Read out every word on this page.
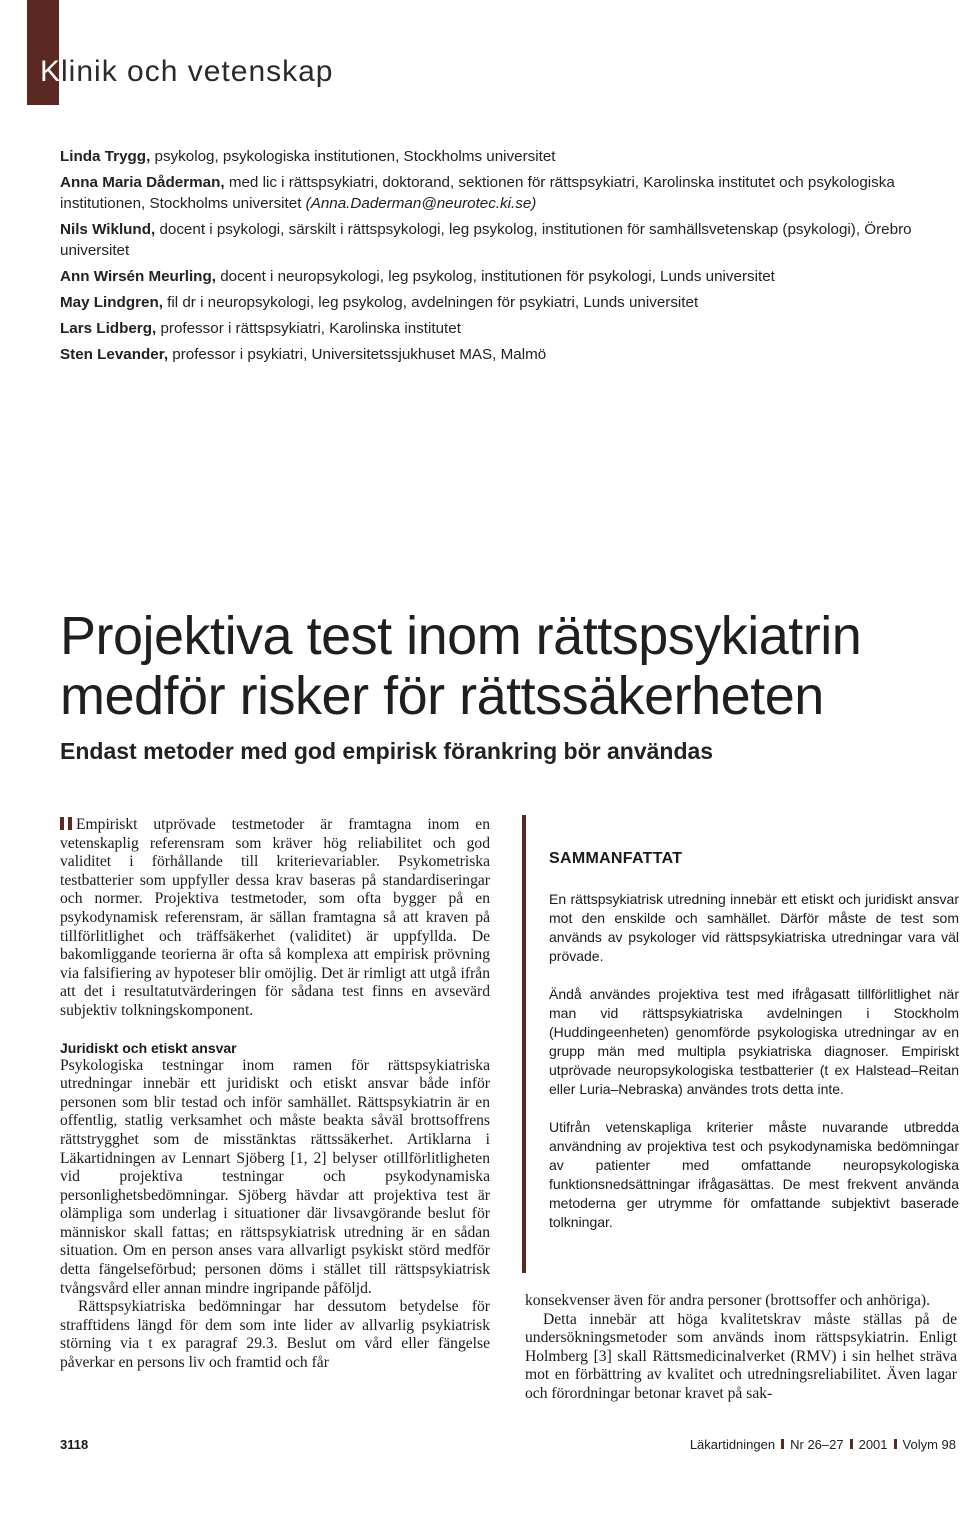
Klinik och vetenskap

Linda Trygg, psykolog, psykologiska institutionen, Stockholms universitet

Anna Maria Dåderman, med lic i rättspsykiatri, doktorand, sektionen för rättspsykiatri, Karolinska institutet och psykologiska institutionen, Stockholms universitet (Anna.Daderman@neurotec.ki.se)

Nils Wiklund, docent i psykologi, särskilt i rättspsykologi, leg psykolog, institutionen för samhällsvetenskap (psykologi), Örebro universitet

Ann Wirsén Meurling, docent i neuropsykologi, leg psykolog, institutionen för psykologi, Lunds universitet

May Lindgren, fil dr i neuropsykologi, leg psykolog, avdelningen för psykiatri, Lunds universitet

Lars Lidberg, professor i rättspsykiatri, Karolinska institutet

Sten Levander, professor i psykiatri, Universitetssjukhuset MAS, Malmö

Projektiva test inom rättspsykiatrin
medför risker för rättssäkerheten
Endast metoder med god empirisk förankring bör användas

Empiriskt utprövade testmetoder är framtagna inom en vetenskaplig referensram som kräver hög reliabilitet och god validitet i förhållande till kriterievariabler. Psykometriska testbatterier som uppfyller dessa krav baseras på standardiseringar och normer. Projektiva testmetoder, som ofta bygger på en psykodynamisk referensram, är sällan framtagna så att kraven på tillförlitlighet och träffsäkerhet (validitet) är uppfyllda. De bakomliggande teorierna är ofta så komplexa att empirisk prövning via falsifiering av hypoteser blir omöjlig. Det är rimligt att utgå ifrån att det i resultatutvärderingen för sådana test finns en avsevärd subjektiv tolkningskomponent.

Juridiskt och etiskt ansvar

Psykologiska testningar inom ramen för rättspsykiatriska utredningar innebär ett juridiskt och etiskt ansvar både inför personen som blir testad och inför samhället. Rättspsykiatrin är en offentlig, statlig verksamhet och måste beakta såväl brottsoffrens rättstrygghet som de misstänktas rättssäkerhet. Artiklarna i Läkartidningen av Lennart Sjöberg [1, 2] belyser otillförlitligheten vid projektiva testningar och psykodynamiska personlighetsbedömningar. Sjöberg hävdar att projektiva test är olämpliga som underlag i situationer där livsavgörande beslut för människor skall fattas; en rättspsykiatrisk utredning är en sådan situation. Om en person anses vara allvarligt psykiskt störd medför detta fängelseförbud; personen döms i stället till rättspsykiatrisk tvångsvård eller annan mindre ingripande påföljd.

Rättspsykiatriska bedömningar har dessutom betydelse för strafftidens längd för dem som inte lider av allvarlig psykiatrisk störning via t ex paragraf 29.3. Beslut om vård eller fängelse påverkar en persons liv och framtid och får

SAMMANFATTAT

En rättspsykiatrisk utredning innebär ett etiskt och juridiskt ansvar mot den enskilde och samhället. Därför måste de test som används av psykologer vid rättspsykiatriska utredningar vara väl prövade.

Ändå användes projektiva test med ifrågasatt tillförlitlighet när man vid rättspsykiatriska avdelningen i Stockholm (Huddingeenheten) genomförde psykologiska utredningar av en grupp män med multipla psykiatriska diagnoser. Empiriskt utprövade neuropsykologiska testbatterier (t ex Halstead–Reitan eller Luria–Nebraska) användes trots detta inte.

Utifrån vetenskapliga kriterier måste nuvarande utbredda användning av projektiva test och psykodynamiska bedömningar av patienter med omfattande neuropsykologiska funktionsnedsättningar ifrågasättas. De mest frekvent använda metoderna ger utrymme för omfattande subjektivt baserade tolkningar.

konsekvenser även för andra personer (brottsoffer och anhöriga).

Detta innebär att höga kvalitetskrav måste ställas på de undersökningsmetoder som används inom rättspsykiatrin. Enligt Holmberg [3] skall Rättsmedicinalverket (RMV) i sin helhet sträva mot en förbättring av kvalitet och utredningsreliabilitet. Även lagar och förordningar betonar kravet på sak-

3118	Läkartidningen Nr 26–27 2001 Volym 98
